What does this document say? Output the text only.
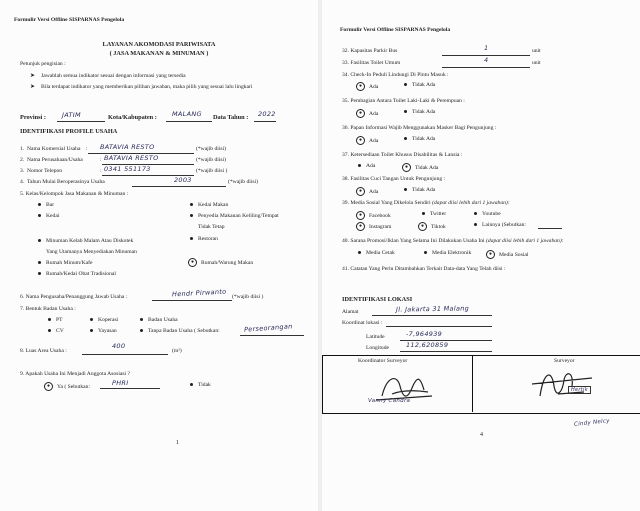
Formulir Versi Offline SISPARNAS Pengelola
LAYANAN AKOMODASI PARIWISATA
( JASA MAKANAN & MINUMAN )
Petunjuk pengisian :
➤ Jawablah semua indikator sesuai dengan informasi yang tersedia
➤ Bila terdapat indikator yang memberikan pilihan jawaban, maka pilih yang sesuai lalu lingkari
Provinsi : JATIM	Kota/Kabupaten : MALANG Data Tahun : 2022
IDENTIFIKASI PROFILE USAHA
1. Nama Komersial Usaha : BATAVIA RESTO	(*wajib diisi)
2. Nama Perusahaan/Usaha	: BATAVIA RESTO	(*wajib diisi)
3. Nomor Telepon	: 0341 551173	(*wajib diisi )
4. Tahun Mulai Beroperasinya Usaha	2003	(*wajib diisi)
5. Kelas/Kelompok Jasa Makanan & Minuman :
Bar
Kedai
Minuman Kelab Malam Atau Diskotek
Yang Utamanya Menyediakan Minuman
Rumah Minum/Kafe
Rumah/Kedai Obat Tradisional
Kedai Makan
Penyedia Makanan Keliling/Tempat
Tidak Tetap
Restoran
● Rumah/Warung Makan
6. Nama Pengusaha/Penanggung Jawab Usaha :	Hendr Pirwanto (*wajib diisi )
7. Bentuk Badan Usaha :
PT	Koperasi	Badan Usaha
CV	Yayasan	Tanpa Badan Usaha ( Sebutkan:	Perseorangan
8. Luas Area Usaha :
400
(m²)
9. Apakah Usaha Ini Menjadi Anggota Asosiasi ?
● Ya ( Sebutkan:	PHRI	Tidak
1
Formulir Versi Offline SISPARNAS Pengelola
32. Kapasitas Parkir Bus	1	unit
33. Fasilitas Toilet Umum	4	unit
34. Check-In Peduli Lindungi Di Pintu Masuk :
● Ada	Tidak Ada
35. Pembagian Antara Toilet Laki-Laki & Perempuan :
● Ada	Tidak Ada
36. Papan Informasi Wajib Menggunakan Masker Bagi Pengunjung :
● Ada	Tidak Ada
37. Ketersediaan Toilet Khusus Disabilitas & Lansia :
Ada	● Tidak Ada
38. Fasilitas Cuci Tangan Untuk Pengunjung :
● Ada	Tidak Ada
39. Media Sosial Yang Dikelola Sendiri (dapat diisi lebih dari 1 jawaban):
● Facebook	Twitter	Youtube
● Instagram	● Tiktok	Lainnya (Sebutkan:
40. Sarana Promosi/Iklan Yang Selama Ini Dilakukan Usaha Ini (dapat diisi lebih dari 1 jawaban):
Media Cetak	Media Elektronik	● Media Sosial
41. Catatan Yang Perlu Ditambahkan Terkait Data-data Yang Telah diisi :
IDENTIFIKASI LOKASI
Alamat	Jl. Jakarta 31 Malang
Koordinat lokasi :
Latitude	-7,964939
Longitude	112,620859
Koordinator Surveyor	Surveyor
Vanny Candra
Hertik
Cindy Nelcy
4
